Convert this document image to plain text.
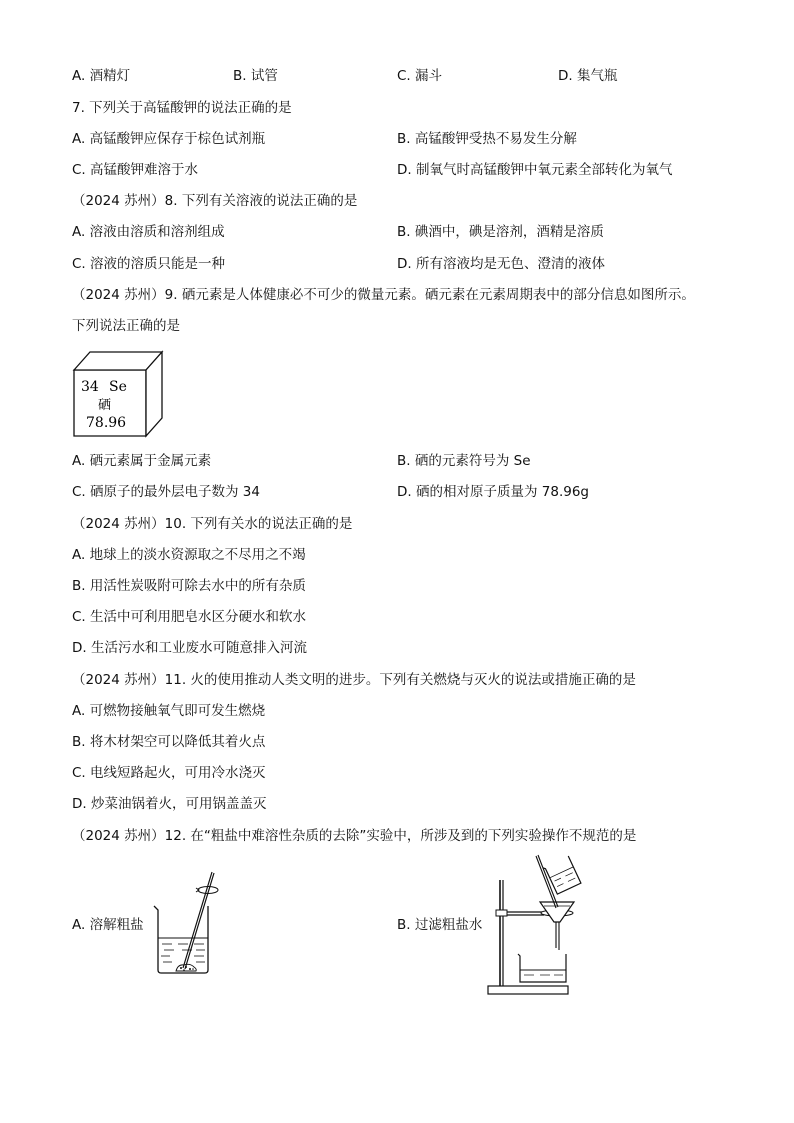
A. 酒精灯	B. 试管	C. 漏斗	D. 集气瓶
7. 下列关于高锰酸钾的说法正确的是
A. 高锰酸钾应保存于棕色试剂瓶	B. 高锰酸钾受热不易发生分解
C. 高锰酸钾难溶于水	D. 制氧气时高锰酸钾中氧元素全部转化为氧气
（2024 苏州）8. 下列有关溶液的说法正确的是
A. 溶液由溶质和溶剂组成	B. 碘酒中，碘是溶剂，酒精是溶质
C. 溶液的溶质只能是一种	D. 所有溶液均是无色、澄清的液体
（2024 苏州）9. 硒元素是人体健康必不可少的微量元素。硒元素在元素周期表中的部分信息如图所示。
下列说法正确的是
34 Se
硒
78.96
A. 硒元素属于金属元素	B. 硒的元素符号为 Se
C. 硒原子的最外层电子数为 34	D. 硒的相对原子质量为 78.96g
（2024 苏州）10. 下列有关水的说法正确的是
A. 地球上的淡水资源取之不尽用之不竭
B. 用活性炭吸附可除去水中的所有杂质
C. 生活中可利用肥皂水区分硬水和软水
D. 生活污水和工业废水可随意排入河流
（2024 苏州）11. 火的使用推动人类文明的进步。下列有关燃烧与灭火的说法或措施正确的是
A. 可燃物接触氧气即可发生燃烧
B. 将木材架空可以降低其着火点
C. 电线短路起火，可用冷水浇灭
D. 炒菜油锅着火，可用锅盖盖灭
（2024 苏州）12. 在“粗盐中难溶性杂质的去除”实验中，所涉及到的下列实验操作不规范的是
A. 溶解粗盐	B. 过滤粗盐水
